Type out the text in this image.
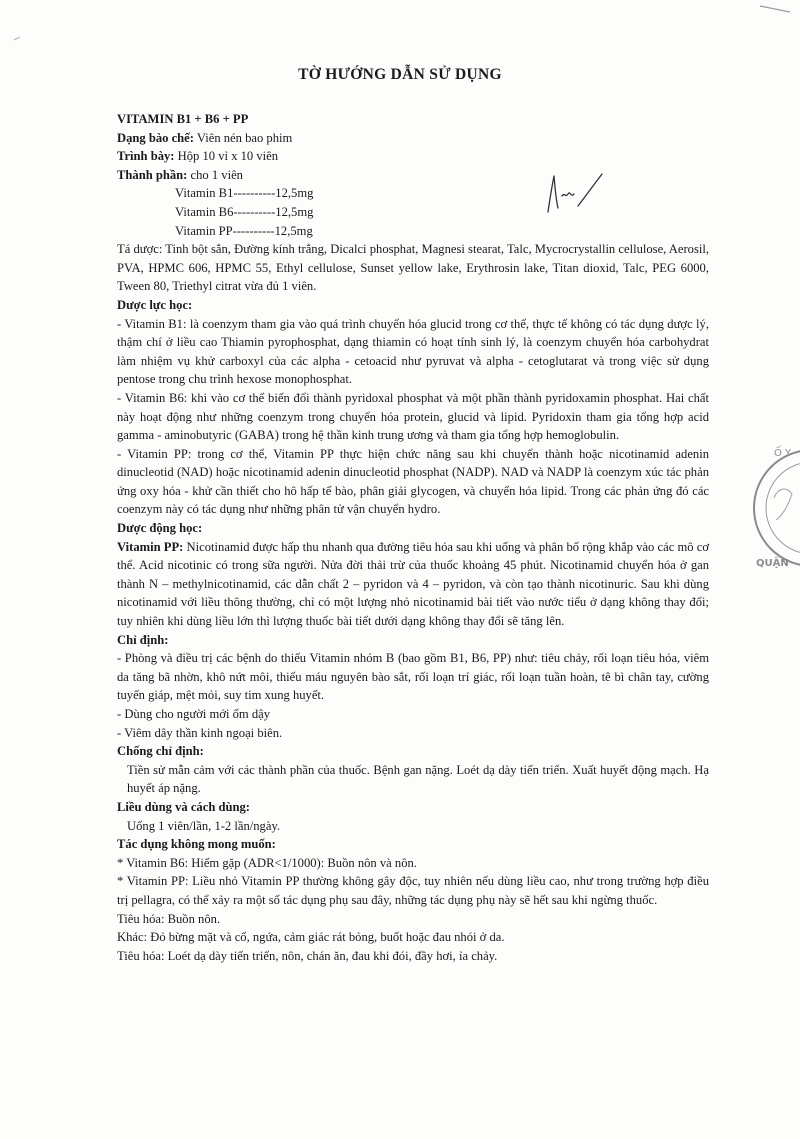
TỜ HƯỚNG DẪN SỬ DỤNG
Ố Y
QUẬN

VITAMIN B1 + B6 + PP

Dạng bào chế: Viên nén bao phim

Trình bày: Hộp 10 vỉ x 10 viên

Thành phần: cho 1 viên

Vitamin B1----------12,5mg

Vitamin B6----------12,5mg

Vitamin PP----------12,5mg

Tá dược: Tinh bột sắn, Đường kính trắng, Dicalci phosphat, Magnesi stearat, Talc, Mycrocrystallin cellulose, Aerosil, PVA, HPMC 606, HPMC 55, Ethyl cellulose, Sunset yellow lake, Erythrosin lake, Titan dioxid, Talc, PEG 6000, Tween 80, Triethyl citrat vừa đủ 1 viên.

Dược lực học:

- Vitamin B1: là coenzym tham gia vào quá trình chuyển hóa glucid trong cơ thể, thực tế không có tác dụng dược lý, thậm chí ở liều cao Thiamin pyrophosphat, dạng thiamin có hoạt tính sinh lý, là coenzym chuyển hóa carbohydrat làm nhiệm vụ khử carboxyl của các alpha - cetoacid như pyruvat và alpha - cetoglutarat và trong việc sử dụng pentose trong chu trình hexose monophosphat.

- Vitamin B6: khi vào cơ thể biến đổi thành pyridoxal phosphat và một phần thành pyridoxamin phosphat. Hai chất này hoạt động như những coenzym trong chuyển hóa protein, glucid và lipid. Pyridoxin tham gia tổng hợp acid gamma - aminobutyric (GABA) trong hệ thần kinh trung ương và tham gia tổng hợp hemoglobulin.

- Vitamin PP: trong cơ thể, Vitamin PP thực hiện chức năng sau khi chuyển thành hoặc nicotinamid adenin dinucleotid (NAD) hoặc nicotinamid adenin dinucleotid phosphat (NADP). NAD và NADP là coenzym xúc tác phản ứng oxy hóa - khử cần thiết cho hô hấp tế bào, phân giải glycogen, và chuyển hóa lipid. Trong các phản ứng đó các coenzym này có tác dụng như những phân tử vận chuyển hydro.

Dược động học:

Vitamin PP: Nicotinamid được hấp thu nhanh qua đường tiêu hóa sau khi uống và phân bố rộng khắp vào các mô cơ thể. Acid nicotinic có trong sữa người. Nửa đời thải trừ của thuốc khoảng 45 phút. Nicotinamid chuyển hóa ở gan thành N – methylnicotinamid, các dẫn chất 2 – pyridon và 4 – pyridon, và còn tạo thành nicotinuric. Sau khi dùng nicotinamid với liều thông thường, chỉ có một lượng nhỏ nicotinamid bài tiết vào nước tiểu ở dạng không thay đổi; tuy nhiên khi dùng liều lớn thì lượng thuốc bài tiết dưới dạng không thay đổi sẽ tăng lên.

Chỉ định:

- Phòng và điều trị các bệnh do thiếu Vitamin nhóm B (bao gồm B1, B6, PP) như: tiêu chảy, rối loạn tiêu hóa, viêm da tăng bã nhờn, khô nứt môi, thiếu máu nguyên bào sắt, rối loạn trí giác, rối loạn tuần hoàn, tê bì chân tay, cường tuyến giáp, mệt mỏi, suy tim xung huyết.

- Dùng cho người mới ốm dậy

- Viêm dây thần kinh ngoại biên.

Chống chỉ định:

Tiền sử mẫn cảm với các thành phần của thuốc. Bệnh gan nặng. Loét dạ dày tiến triển. Xuất huyết động mạch. Hạ huyết áp nặng.

Liều dùng và cách dùng:

Uống 1 viên/lần, 1-2 lần/ngày.

Tác dụng không mong muốn:

* Vitamin B6: Hiếm gặp (ADR<1/1000): Buồn nôn và nôn.

* Vitamin PP: Liều nhỏ Vitamin PP thường không gây độc, tuy nhiên nếu dùng liều cao, như trong trường hợp điều trị pellagra, có thể xảy ra một số tác dụng phụ sau đây, những tác dụng phụ này sẽ hết sau khi ngừng thuốc.

Tiêu hóa: Buồn nôn.

Khác: Đỏ bừng mặt và cổ, ngứa, cảm giác rát bỏng, buốt hoặc đau nhói ở da.

Tiêu hóa: Loét dạ dày tiến triển, nôn, chán ăn, đau khi đói, đầy hơi, ỉa chảy.
